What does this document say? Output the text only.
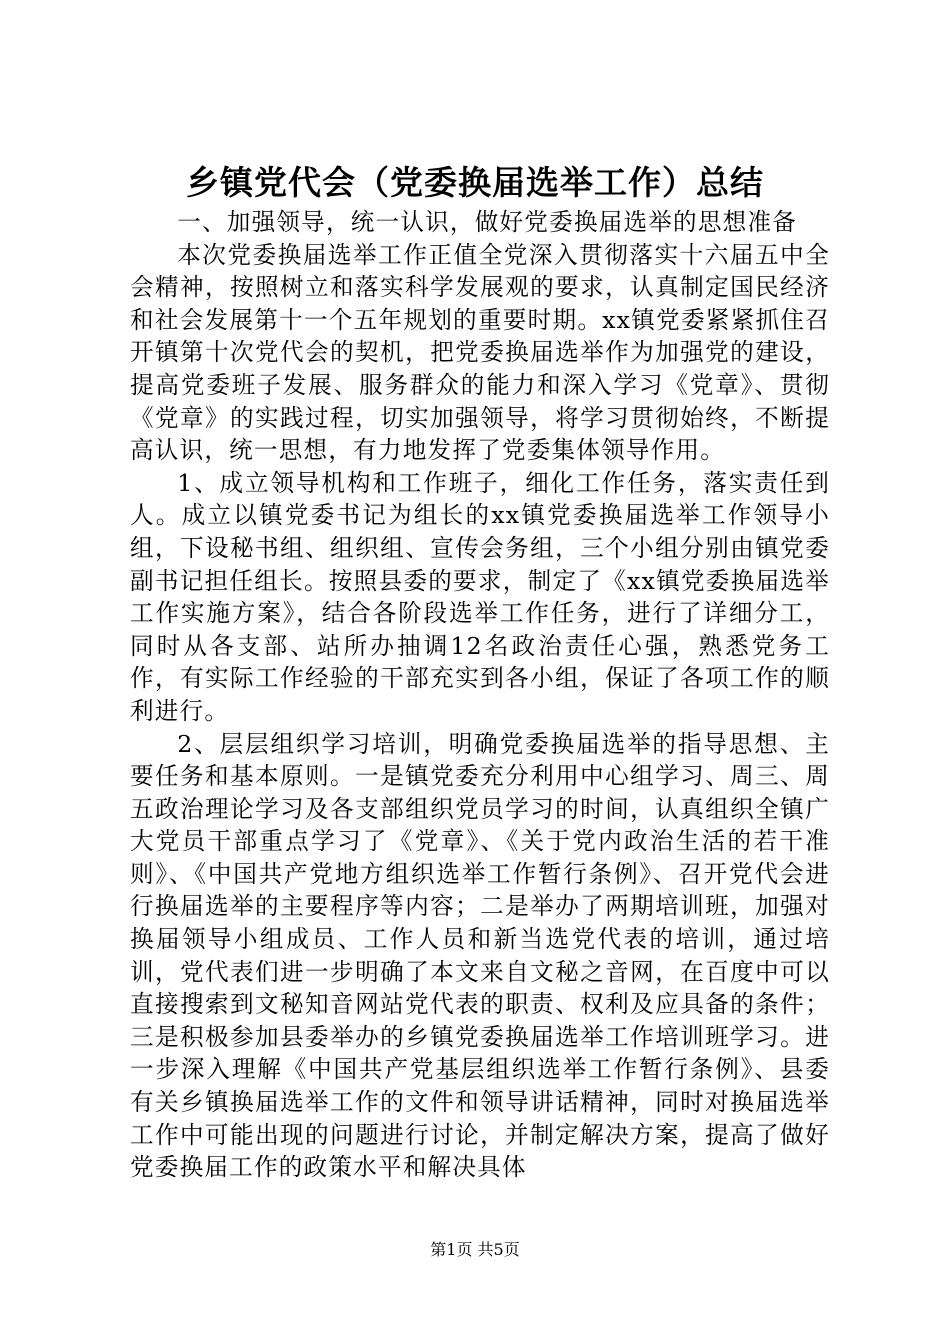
乡镇党代会（党委换届选举工作）总结

一、加强领导，统一认识，做好党委换届选举的思想准备

本次党委换届选举工作正值全党深入贯彻落实十六届五中全会精神，按照树立和落实科学发展观的要求，认真制定国民经济和社会发展第十一个五年规划的重要时期。xx镇党委紧紧抓住召开镇第十次党代会的契机，把党委换届选举作为加强党的建设，提高党委班子发展、服务群众的能力和深入学习《党章》、贯彻《党章》的实践过程，切实加强领导，将学习贯彻始终，不断提高认识，统一思想，有力地发挥了党委集体领导作用。

1、成立领导机构和工作班子，细化工作任务，落实责任到人。成立以镇党委书记为组长的xx镇党委换届选举工作领导小组，下设秘书组、组织组、宣传会务组，三个小组分别由镇党委副书记担任组长。按照县委的要求，制定了《xx镇党委换届选举工作实施方案》，结合各阶段选举工作任务，进行了详细分工，同时从各支部、站所办抽调12名政治责任心强，熟悉党务工作，有实际工作经验的干部充实到各小组，保证了各项工作的顺利进行。

2、层层组织学习培训，明确党委换届选举的指导思想、主要任务和基本原则。一是镇党委充分利用中心组学习、周三、周五政治理论学习及各支部组织党员学习的时间，认真组织全镇广大党员干部重点学习了《党章》、《关于党内政治生活的若干准则》、《中国共产党地方组织选举工作暂行条例》、召开党代会进行换届选举的主要程序等内容；二是举办了两期培训班，加强对换届领导小组成员、工作人员和新当选党代表的培训，通过培训，党代表们进一步明确了本文来自文秘之音网，在百度中可以直接搜索到文秘知音网站党代表的职责、权利及应具备的条件；三是积极参加县委举办的乡镇党委换届选举工作培训班学习。进一步深入理解《中国共产党基层组织选举工作暂行条例》、县委有关乡镇换届选举工作的文件和领导讲话精神，同时对换届选举工作中可能出现的问题进行讨论，并制定解决方案，提高了做好党委换届工作的政策水平和解决具体

第1页 共5页
